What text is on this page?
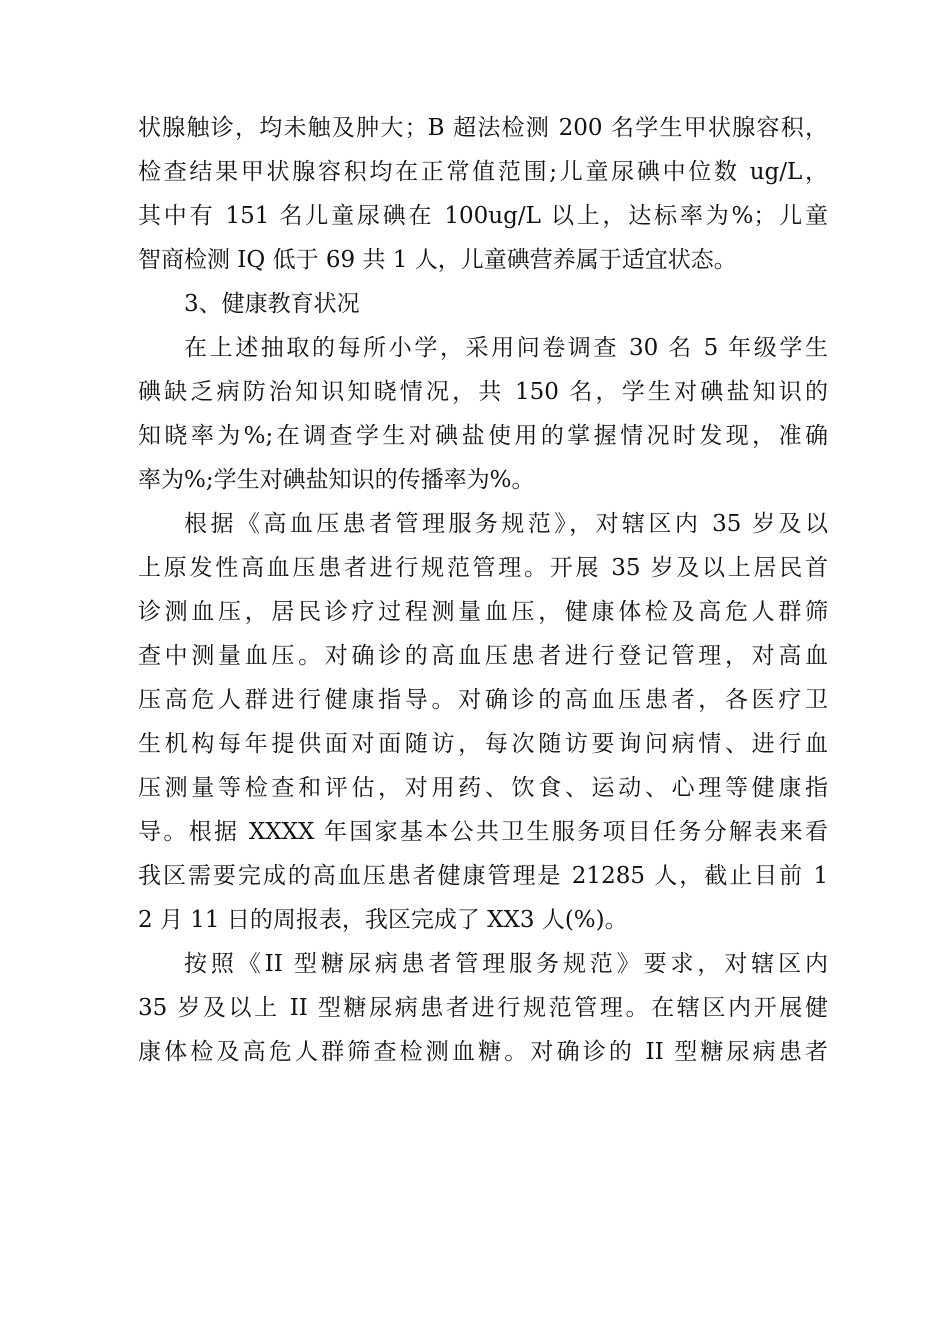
状腺触诊，均未触及肿大；B 超法检测 200 名学生甲状腺容积，
检查结果甲状腺容积均在正常值范围;儿童尿碘中位数 ug/L，
其中有 151 名儿童尿碘在 100ug/L 以上，达标率为%；儿童
智商检测 IQ 低于 69 共 1 人，儿童碘营养属于适宜状态。
3、健康教育状况
在上述抽取的每所小学，采用问卷调查 30 名 5 年级学生
碘缺乏病防治知识知晓情况，共 150 名，学生对碘盐知识的
知晓率为%;在调查学生对碘盐使用的掌握情况时发现，准确
率为%;学生对碘盐知识的传播率为%。
根据《高血压患者管理服务规范》，对辖区内 35 岁及以
上原发性高血压患者进行规范管理。开展 35 岁及以上居民首
诊测血压，居民诊疗过程测量血压，健康体检及高危人群筛
查中测量血压。对确诊的高血压患者进行登记管理，对高血
压高危人群进行健康指导。对确诊的高血压患者，各医疗卫
生机构每年提供面对面随访，每次随访要询问病情、进行血
压测量等检查和评估，对用药、饮食、运动、心理等健康指
导。根据 XXXX 年国家基本公共卫生服务项目任务分解表来看
我区需要完成的高血压患者健康管理是 21285 人，截止目前 1
2 月 11 日的周报表，我区完成了 XX3 人(%)。
按照《II 型糖尿病患者管理服务规范》要求，对辖区内
35 岁及以上 II 型糖尿病患者进行规范管理。在辖区内开展健
康体检及高危人群筛查检测血糖。对确诊的 II 型糖尿病患者
